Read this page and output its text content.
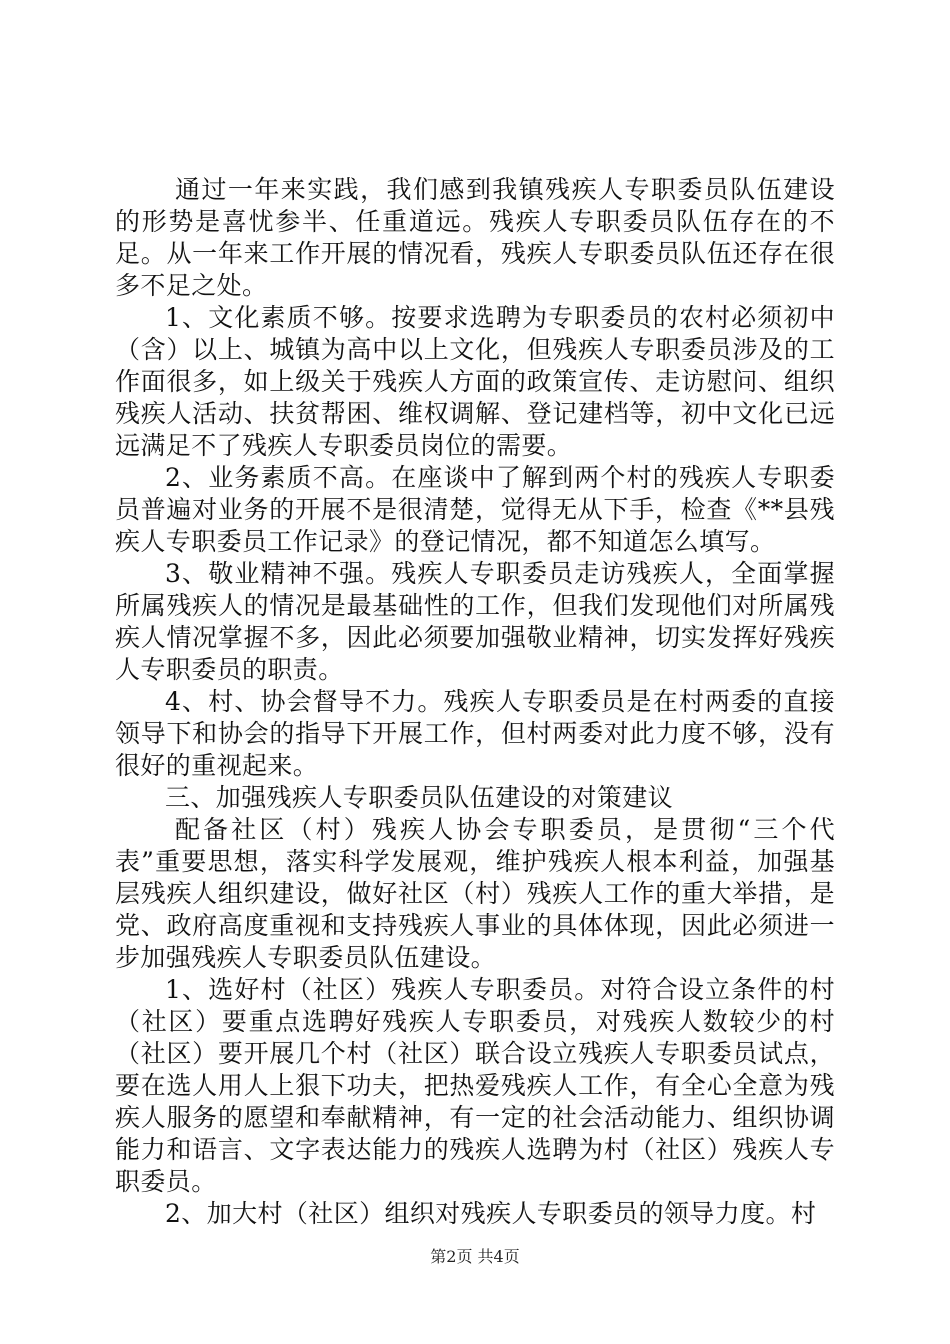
通过一年来实践，我们感到我镇残疾人专职委员队伍建设的形势是喜忧参半、任重道远。残疾人专职委员队伍存在的不足。从一年来工作开展的情况看，残疾人专职委员队伍还存在很多不足之处。

1、文化素质不够。按要求选聘为专职委员的农村必须初中（含）以上、城镇为高中以上文化，但残疾人专职委员涉及的工作面很多，如上级关于残疾人方面的政策宣传、走访慰问、组织残疾人活动、扶贫帮困、维权调解、登记建档等，初中文化已远远满足不了残疾人专职委员岗位的需要。

2、业务素质不高。在座谈中了解到两个村的残疾人专职委员普遍对业务的开展不是很清楚，觉得无从下手，检查《**县残疾人专职委员工作记录》的登记情况，都不知道怎么填写。

3、敬业精神不强。残疾人专职委员走访残疾人，全面掌握所属残疾人的情况是最基础性的工作，但我们发现他们对所属残疾人情况掌握不多，因此必须要加强敬业精神，切实发挥好残疾人专职委员的职责。

4、村、协会督导不力。残疾人专职委员是在村两委的直接领导下和协会的指导下开展工作，但村两委对此力度不够，没有很好的重视起来。

三、加强残疾人专职委员队伍建设的对策建议

配备社区（村）残疾人协会专职委员，是贯彻“三个代表”重要思想，落实科学发展观，维护残疾人根本利益，加强基层残疾人组织建设，做好社区（村）残疾人工作的重大举措，是党、政府高度重视和支持残疾人事业的具体体现，因此必须进一步加强残疾人专职委员队伍建设。

1、选好村（社区）残疾人专职委员。对符合设立条件的村（社区）要重点选聘好残疾人专职委员，对残疾人数较少的村（社区）要开展几个村（社区）联合设立残疾人专职委员试点，要在选人用人上狠下功夫，把热爱残疾人工作，有全心全意为残疾人服务的愿望和奉献精神，有一定的社会活动能力、组织协调能力和语言、文字表达能力的残疾人选聘为村（社区）残疾人专职委员。

2、加大村（社区）组织对残疾人专职委员的领导力度。村

第2页 共4页
